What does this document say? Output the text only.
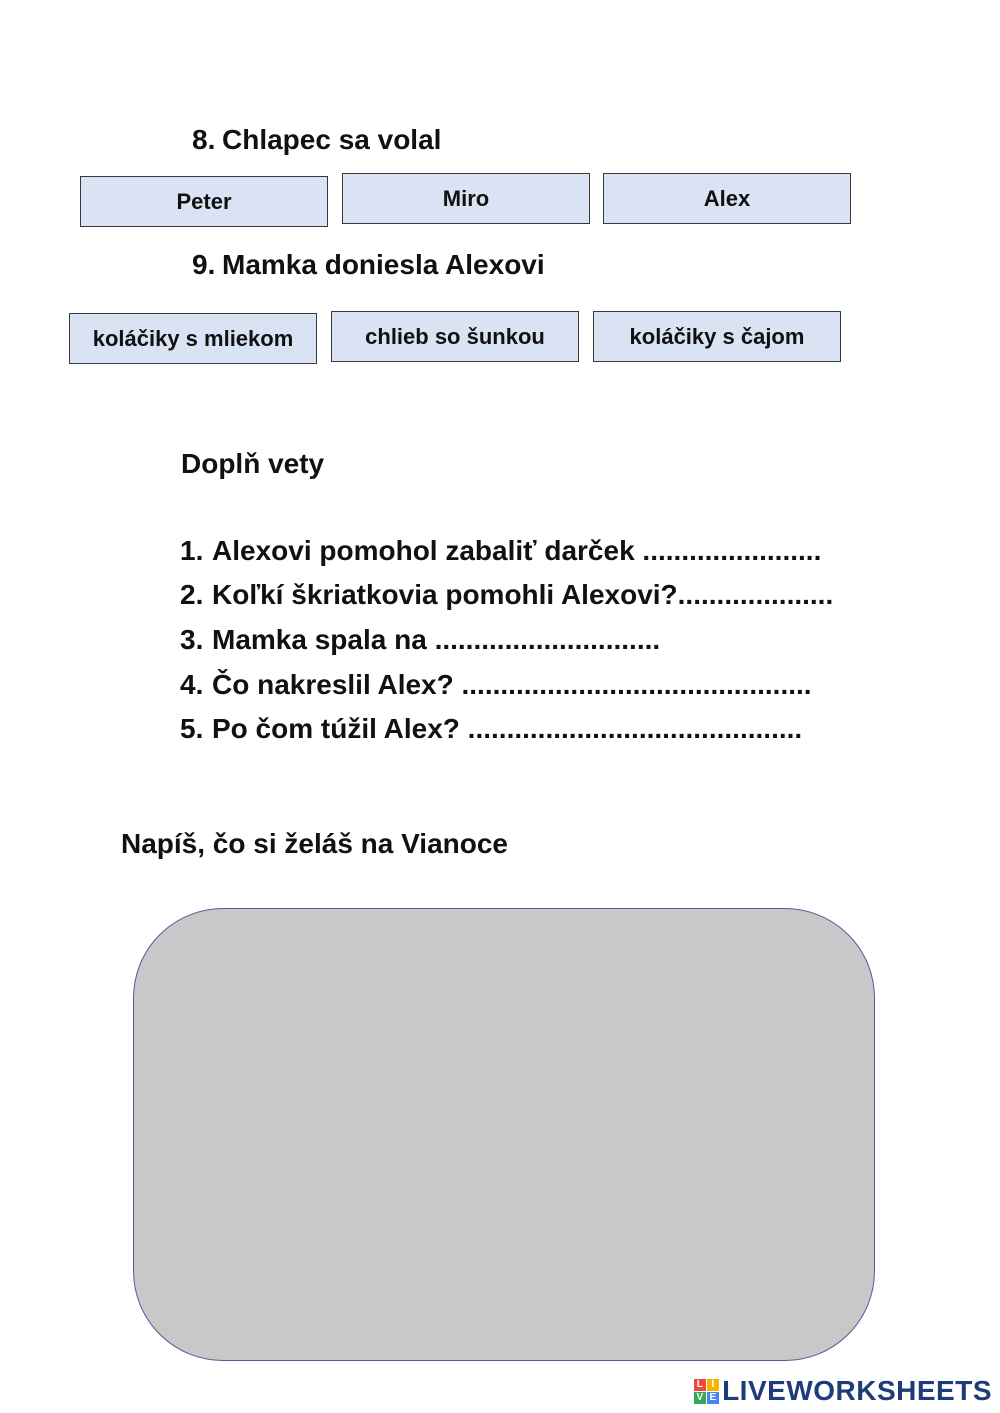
8. Chlapec sa volal
Peter	Miro	Alex
9. Mamka doniesla Alexovi
koláčiky s mliekom	chlieb so šunkou	koláčiky s čajom
Doplň vety
1. Alexovi pomohol zabaliť darček .......................
2. Koľkí škriatkovia pomohli Alexovi?....................
3. Mamka spala na .............................
4. Čo nakreslil Alex? .............................................
5. Po čom túžil Alex? ...........................................
Napíš, čo si želáš na Vianoce
L I
V E LIVEWORKSHEETS
